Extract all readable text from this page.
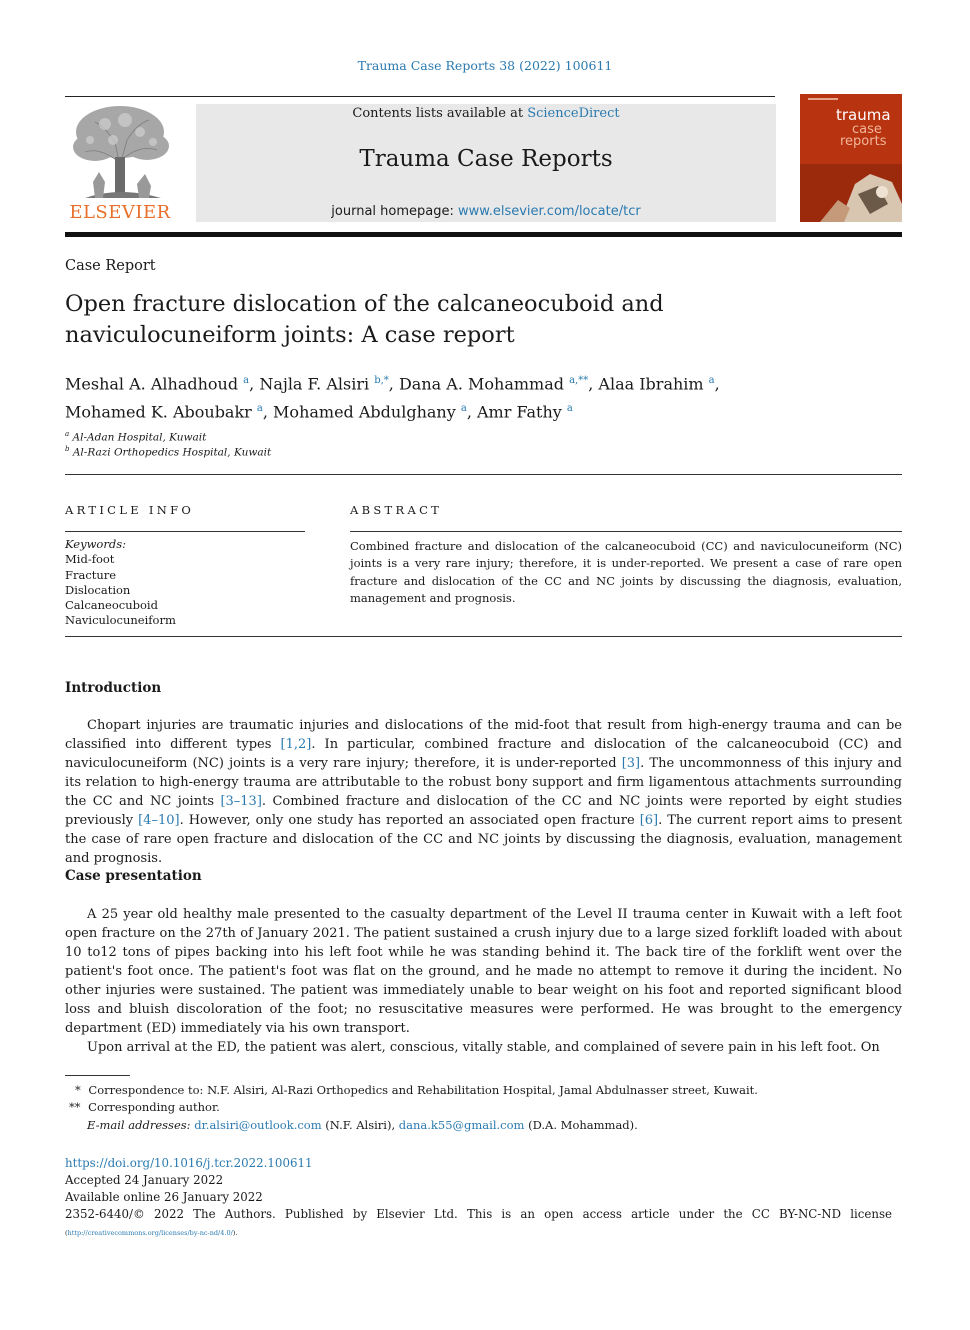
Trauma Case Reports 38 (2022) 100611
ELSEVIER
Contents lists available at ScienceDirect
Trauma Case Reports
journal homepage: www.elsevier.com/locate/tcr
trauma
case
reports
Case Report
Open fracture dislocation of the calcaneocuboid and
naviculocuneiform joints: A case report
Meshal A. Alhadhoud $^a$, Najla F. Alsiri $^{b,*}$, Dana A. Mohammad $^{a,**}$, Alaa Ibrahim $^a$,
Mohamed K. Aboubakr $^a$, Mohamed Abdulghany $^a$, Amr Fathy $^a$
$^a$ Al-Adan Hospital, Kuwait
$^b$ Al-Razi Orthopedics Hospital, Kuwait
ARTICLE INFO	ABSTRACT
Keywords:
Mid-foot
Fracture
Dislocation
Calcaneocuboid
Naviculocuneiform
Combined fracture and dislocation of the calcaneocuboid (CC) and naviculocuneiform (NC) joints is a very rare injury; therefore, it is under-reported. We present a case of rare open fracture and dislocation of the CC and NC joints by discussing the diagnosis, evaluation, management and prognosis.
Introduction

Chopart injuries are traumatic injuries and dislocations of the mid-foot that result from high-energy trauma and can be classified into different types [1,2]. In particular, combined fracture and dislocation of the calcaneocuboid (CC) and naviculocuneiform (NC) joints is a very rare injury; therefore, it is under-reported [3]. The uncommonness of this injury and its relation to high-energy trauma are attributable to the robust bony support and firm ligamentous attachments surrounding the CC and NC joints [3–13]. Combined fracture and dislocation of the CC and NC joints were reported by eight studies previously [4–10]. However, only one study has reported an associated open fracture [6]. The current report aims to present the case of rare open fracture and dislocation of the CC and NC joints by discussing the diagnosis, evaluation, management and prognosis.

Case presentation

A 25 year old healthy male presented to the casualty department of the Level II trauma center in Kuwait with a left foot open fracture on the 27th of January 2021. The patient sustained a crush injury due to a large sized forklift loaded with about 10 to12 tons of pipes backing into his left foot while he was standing behind it. The back tire of the forklift went over the patient's foot once. The patient's foot was flat on the ground, and he made no attempt to remove it during the incident. No other injuries were sustained. The patient was immediately unable to bear weight on his foot and reported significant blood loss and bluish discoloration of the foot; no resuscitative measures were performed. He was brought to the emergency department (ED) immediately via his own transport.

Upon arrival at the ED, the patient was alert, conscious, vitally stable, and complained of severe pain in his left foot. On

* Correspondence to: N.F. Alsiri, Al-Razi Orthopedics and Rehabilitation Hospital, Jamal Abdulnasser street, Kuwait.
** Corresponding author.
E-mail addresses: dr.alsiri@outlook.com (N.F. Alsiri), dana.k55@gmail.com (D.A. Mohammad).
https://doi.org/10.1016/j.tcr.2022.100611
Accepted 24 January 2022
Available online 26 January 2022
2352-6440/© 2022 The Authors. Published by Elsevier Ltd. This is an open access article under the CC BY-NC-ND license
(http://creativecommons.org/licenses/by-nc-nd/4.0/).
